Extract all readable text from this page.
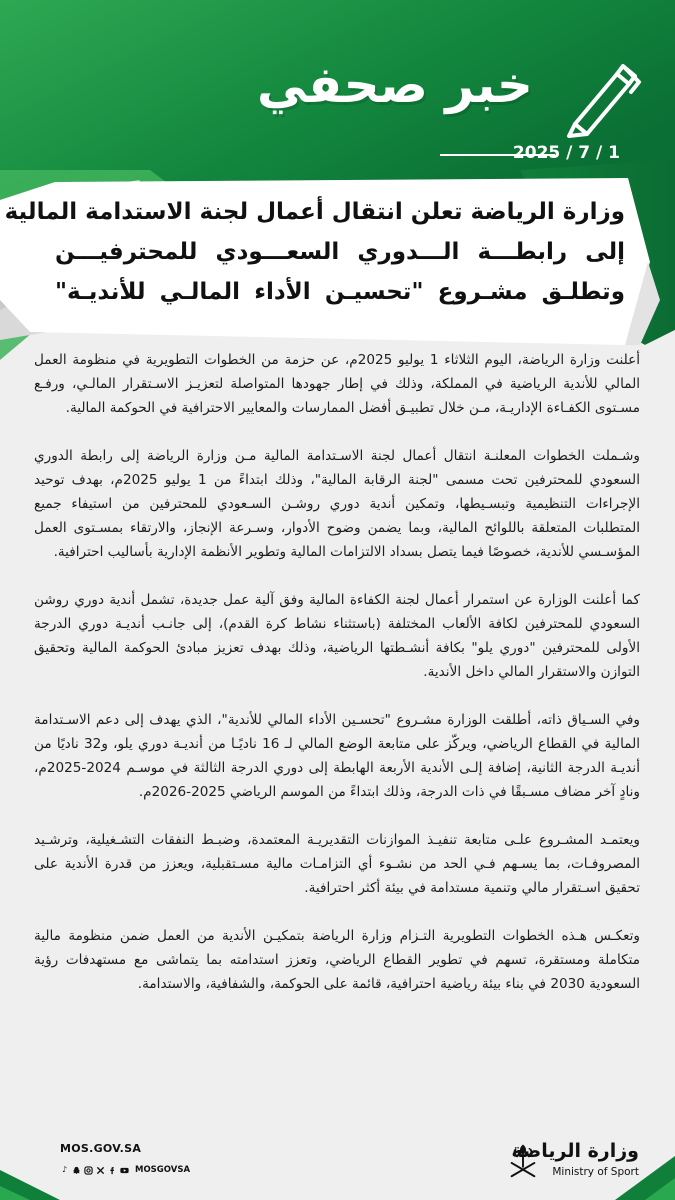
خبر صحفي
2025 / 7 / 1
وزارة الرياضة تعلن انتقال أعمال لجنة الاستدامة المالية
إلى رابطـــة الـــدوري السعـــودي للمحترفيـــن
وتطلـق مشـروع "تحسيـن الأداء المالـي للأنديـة"

أعلنت وزارة الرياضة، اليوم الثلاثاء 1 يوليو 2025م، عن حزمة من الخطوات التطويرية في منظومة العمل المالي للأندية الرياضية في المملكة، وذلك في إطار جهودها المتواصلة لتعزيـز الاسـتقرار المالـي، ورفـع مسـتوى الكفـاءة الإداريـة، مـن خلال تطبيـق أفضل الممارسات والمعايير الاحترافية في الحوكمة المالية.

وشـملت الخطوات المعلنـة انتقال أعمال لجنة الاسـتدامة المالية مـن وزارة الرياضة إلى رابطة الدوري السعودي للمحترفين تحت مسمى "لجنة الرقابة المالية"، وذلك ابتداءً من 1 يوليو 2025م، بهدف توحيد الإجراءات التنظيمية وتبسـيطها، وتمكين أندية دوري روشـن السـعودي للمحترفين من استيفاء جميع المتطلبات المتعلقة باللوائح المالية، وبما يضمن وضوح الأدوار، وسـرعة الإنجاز، والارتقاء بمسـتوى العمل المؤسـسي للأندية، خصوصًا فيما يتصل بسداد الالتزامات المالية وتطوير الأنظمة الإدارية بأساليب احترافية.

كما أعلنت الوزارة عن استمرار أعمال لجنة الكفاءة المالية وفق آلية عمل جديدة، تشمل أندية دوري روشن السعودي للمحترفين لكافة الألعاب المختلفة (باستثناء نشاط كرة القدم)، إلى جانـب أنديـة دوري الدرجة الأولى للمحترفين "دوري يلو" بكافة أنشـطتها الرياضية، وذلك بهدف تعزيز مبادئ الحوكمة المالية وتحقيق التوازن والاستقرار المالي داخل الأندية.

وفي السـياق ذاته، أطلقت الوزارة مشـروع "تحسـين الأداء المالي للأندية"، الذي يهدف إلى دعم الاسـتدامة المالية في القطاع الرياضي، ويركّز على متابعة الوضع المالي لـ 16 ناديًـا من أنديـة دوري يلو، و32 ناديًا من أنديـة الدرجة الثانية، إضافة إلـى الأندية الأربعة الهابطة إلى دوري الدرجة الثالثة في موسـم 2024-2025م، ونادٍ آخر مضاف مسـبقًا في ذات الدرجة، وذلك ابتداءً من الموسم الرياضي 2025-2026م.

ويعتمـد المشـروع علـى متابعة تنفيـذ الموازنات التقديريـة المعتمدة، وضبـط النفقات التشـغيلية، وترشـيد المصروفـات، بما يسـهم فـي الحد من نشـوء أي التزامـات مالية مسـتقبلية، ويعزز من قدرة الأندية على تحقيق اسـتقرار مالي وتنمية مستدامة في بيئة أكثر احترافية.

وتعكـس هـذه الخطوات التطويرية التـزام وزارة الرياضة بتمكيـن الأندية من العمل ضمن منظومة مالية متكاملة ومستقرة، تسهم في تطوير القطاع الرياضي، وتعزز استدامته بما يتماشى مع مستهدفات رؤية السعودية 2030 في بناء بيئة رياضية احترافية، قائمة على الحوكمة، والشفافية، والاستدامة.

MOS.GOV.SA
♪	MOSGOVSA
وزارة الرياضة
Ministry of Sport
